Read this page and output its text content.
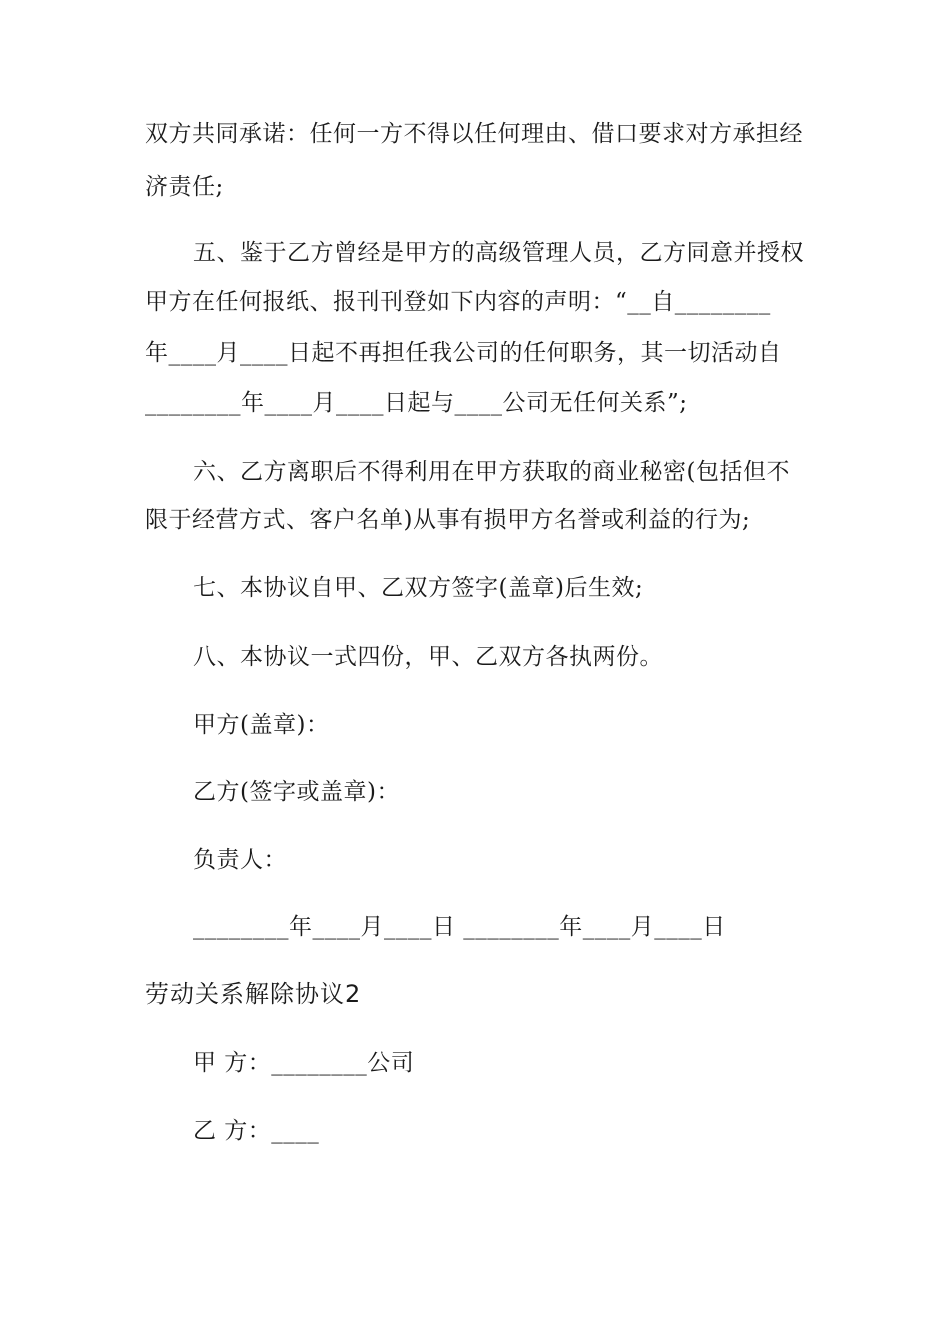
双方共同承诺：任何一方不得以任何理由、借口要求对方承担经
济责任;
五、鉴于乙方曾经是甲方的高级管理人员，乙方同意并授权
甲方在任何报纸、报刊刊登如下内容的声明：“__自________
年____月____日起不再担任我公司的任何职务，其一切活动自
________年____月____日起与____公司无任何关系”;
六、乙方离职后不得利用在甲方获取的商业秘密(包括但不
限于经营方式、客户名单)从事有损甲方名誉或利益的行为;
七、本协议自甲、乙双方签字(盖章)后生效;
八、本协议一式四份，甲、乙双方各执两份。
甲方(盖章)：
乙方(签字或盖章)：
负责人：
________年____月____日 ________年____月____日
劳动关系解除协议2
甲 方：________公司
乙 方：____
